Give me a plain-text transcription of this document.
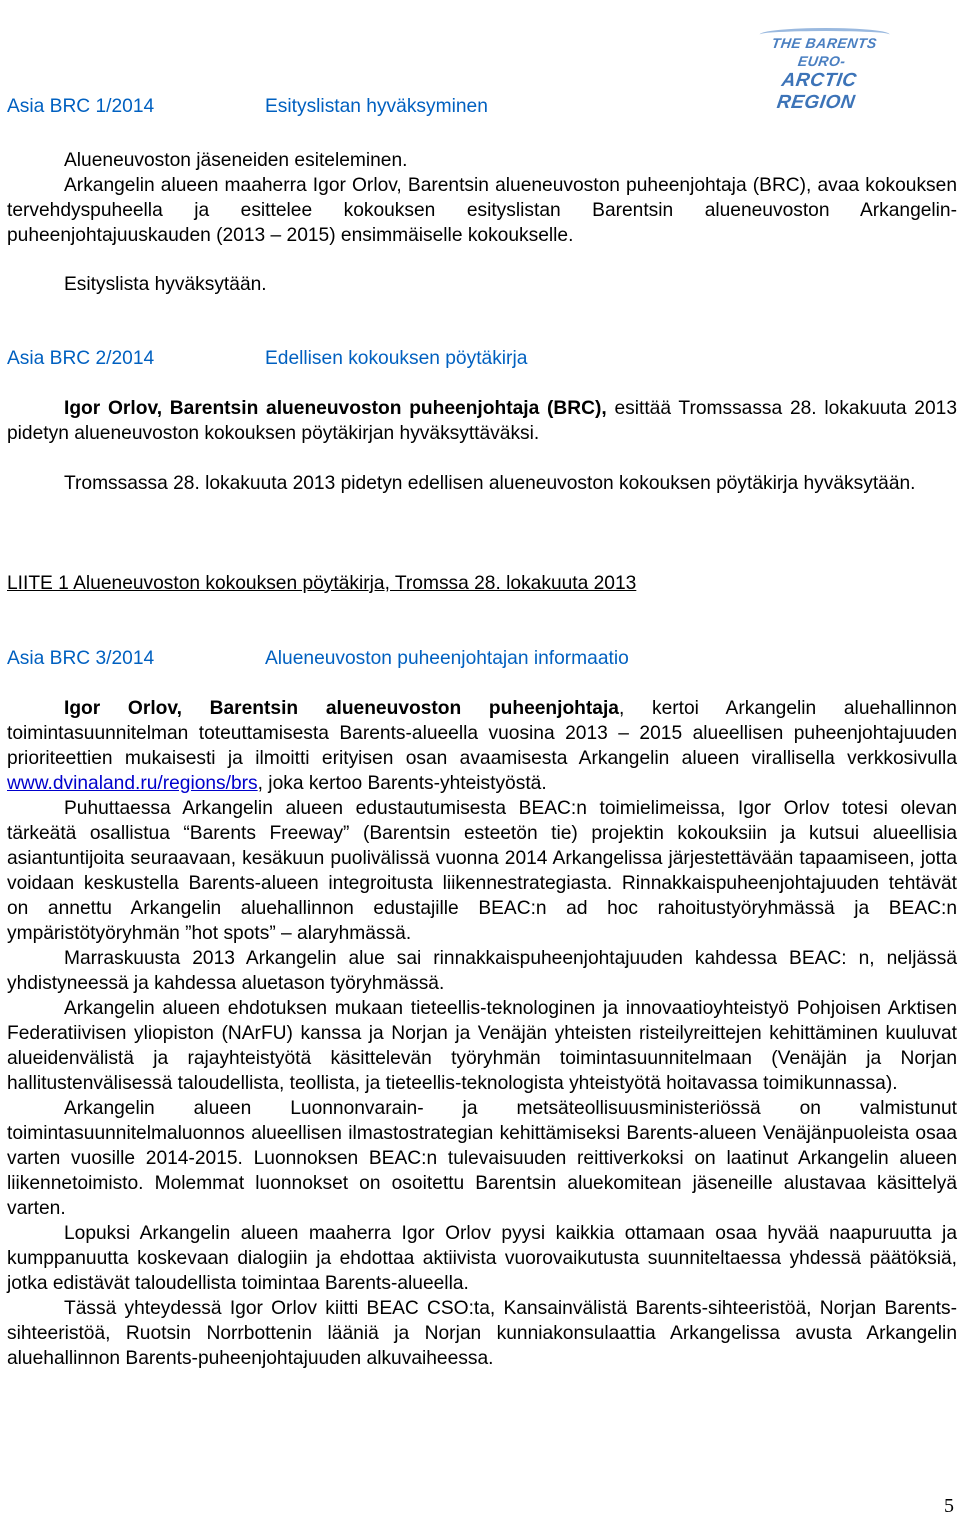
THE BARENTS EURO-
ARCTIC REGION
Asia BRC 1/2014	Esityslistan hyväksyminen

Alueneuvoston jäseneiden esiteleminen.

Arkangelin alueen maaherra Igor Orlov, Barentsin alueneuvoston puheenjohtaja (BRC), avaa kokouksen tervehdyspuheella ja esittelee kokouksen esityslistan Barentsin alueneuvoston Arkangelin-puheenjohtajuuskauden (2013 – 2015) ensimmäiselle kokoukselle.

Esityslista hyväksytään.

Asia BRC 2/2014	Edellisen kokouksen pöytäkirja

Igor Orlov, Barentsin alueneuvoston puheenjohtaja (BRC), esittää Tromssassa 28. lokakuuta 2013 pidetyn alueneuvoston kokouksen pöytäkirjan hyväksyttäväksi.

Tromssassa 28. lokakuuta 2013 pidetyn edellisen alueneuvoston kokouksen pöytäkirja hyväksytään.

LIITE 1 Alueneuvoston kokouksen pöytäkirja, Tromssa 28. lokakuuta 2013

Asia BRC 3/2014	Alueneuvoston puheenjohtajan informaatio

Igor Orlov, Barentsin alueneuvoston puheenjohtaja, kertoi Arkangelin aluehallinnon toimintasuunnitelman toteuttamisesta Barents-alueella vuosina 2013 – 2015 alueellisen puheenjohtajuuden prioriteettien mukaisesti ja ilmoitti erityisen osan avaamisesta Arkangelin alueen virallisella verkkosivulla www.dvinaland.ru/regions/brs, joka kertoo Barents-yhteistyöstä.

Puhuttaessa Arkangelin alueen edustautumisesta BEAC:n toimielimeissa, Igor Orlov totesi olevan tärkeätä osallistua “Barents Freeway” (Barentsin esteetön tie) projektin kokouksiin ja kutsui alueellisia asiantuntijoita seuraavaan, kesäkuun puolivälissä vuonna 2014 Arkangelissa järjestettävään tapaamiseen, jotta voidaan keskustella Barents-alueen integroitusta liikennestrategiasta. Rinnakkaispuheenjohtajuuden tehtävät on annettu Arkangelin aluehallinnon edustajille BEAC:n ad hoc rahoitustyöryhmässä ja BEAC:n ympäristötyöryhmän ”hot spots” – alaryhmässä.

Marraskuusta 2013 Arkangelin alue sai rinnakkaispuheenjohtajuuden kahdessa BEAC: n, neljässä yhdistyneessä ja kahdessa aluetason työryhmässä.

Arkangelin alueen ehdotuksen mukaan tieteellis-teknologinen ja innovaatioyhteistyö Pohjoisen Arktisen Federatiivisen yliopiston (NArFU) kanssa ja Norjan ja Venäjän yhteisten risteilyreittejen kehittäminen kuuluvat alueidenvälistä ja rajayhteistyötä käsittelevän työryhmän toimintasuunnitelmaan (Venäjän ja Norjan hallitustenvälisessä taloudellista, teollista, ja tieteellis-teknologista yhteistyötä hoitavassa toimikunnassa).

Arkangelin alueen Luonnonvarain- ja metsäteollisuusministeriössä on valmistunut toimintasuunnitelmaluonnos alueellisen ilmastostrategian kehittämiseksi Barents-alueen Venäjänpuoleista osaa varten vuosille 2014-2015. Luonnoksen BEAC:n tulevaisuuden reittiverkoksi on laatinut Arkangelin alueen liikennetoimisto. Molemmat luonnokset on osoitettu Barentsin aluekomitean jäseneille alustavaa käsittelyä varten.

Lopuksi Arkangelin alueen maaherra Igor Orlov pyysi kaikkia ottamaan osaa hyvää naapuruutta ja kumppanuutta koskevaan dialogiin ja ehdottaa aktiivista vuorovaikutusta suunniteltaessa yhdessä päätöksiä, jotka edistävät taloudellista toimintaa Barents-alueella.

Tässä yhteydessä Igor Orlov kiitti BEAC CSO:ta, Kansainvälistä Barents-sihteeristöä, Norjan Barents-sihteeristöä, Ruotsin Norrbottenin lääniä ja Norjan kunniakonsulaattia Arkangelissa avusta Arkangelin aluehallinnon Barents-puheenjohtajuuden alkuvaiheessa.

5
